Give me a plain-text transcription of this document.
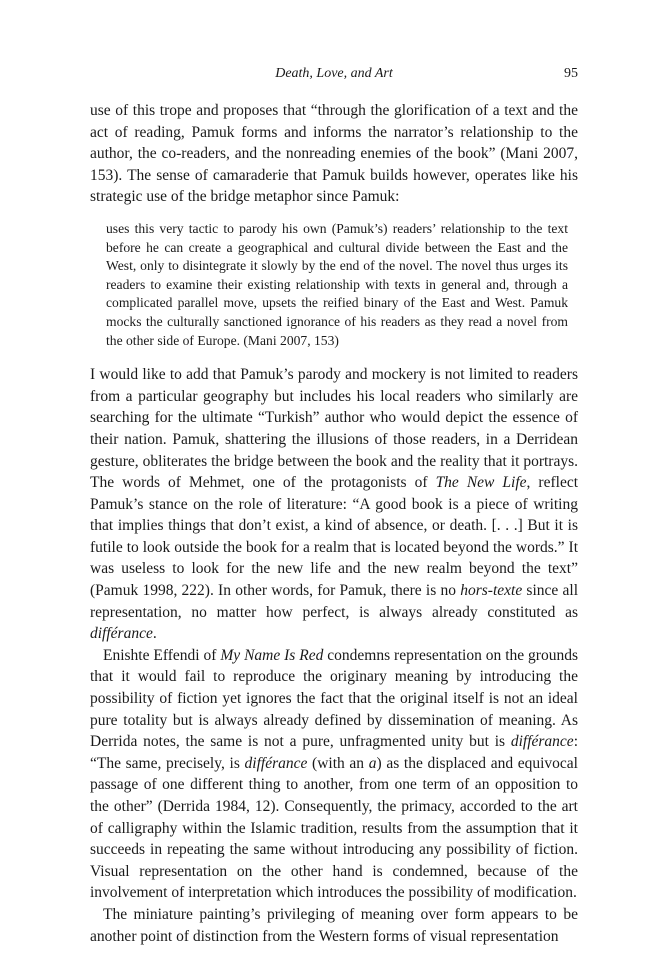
Death, Love, and Art	95

use of this trope and proposes that “through the glorification of a text and the act of reading, Pamuk forms and informs the narrator’s relationship to the author, the co-readers, and the nonreading enemies of the book” (Mani 2007, 153). The sense of camaraderie that Pamuk builds however, operates like his strategic use of the bridge metaphor since Pamuk:

uses this very tactic to parody his own (Pamuk’s) readers’ relationship to the text before he can create a geographical and cultural divide between the East and the West, only to disintegrate it slowly by the end of the novel. The novel thus urges its readers to examine their existing relationship with texts in general and, through a complicated parallel move, upsets the reified binary of the East and West. Pamuk mocks the culturally sanctioned ignorance of his readers as they read a novel from the other side of Europe. (Mani 2007, 153)

I would like to add that Pamuk’s parody and mockery is not limited to readers from a particular geography but includes his local readers who similarly are searching for the ultimate “Turkish” author who would depict the essence of their nation. Pamuk, shattering the illusions of those readers, in a Derridean gesture, obliterates the bridge between the book and the reality that it portrays. The words of Mehmet, one of the protagonists of The New Life, reflect Pamuk’s stance on the role of literature: “A good book is a piece of writing that implies things that don’t exist, a kind of absence, or death. [. . .] But it is futile to look outside the book for a realm that is located beyond the words.” It was useless to look for the new life and the new realm beyond the text” (Pamuk 1998, 222). In other words, for Pamuk, there is no hors-texte since all representation, no matter how perfect, is always already constituted as différance.

Enishte Effendi of My Name Is Red condemns representation on the grounds that it would fail to reproduce the originary meaning by introducing the possibility of fiction yet ignores the fact that the original itself is not an ideal pure totality but is always already defined by dissemination of meaning. As Derrida notes, the same is not a pure, unfragmented unity but is différance: “The same, precisely, is différance (with an a) as the displaced and equivocal passage of one different thing to another, from one term of an opposition to the other” (Derrida 1984, 12). Consequently, the primacy, accorded to the art of calligraphy within the Islamic tradition, results from the assumption that it succeeds in repeating the same without introducing any possibility of fiction. Visual representation on the other hand is condemned, because of the involvement of interpretation which introduces the possibility of modification.

The miniature painting’s privileging of meaning over form appears to be another point of distinction from the Western forms of visual representation
